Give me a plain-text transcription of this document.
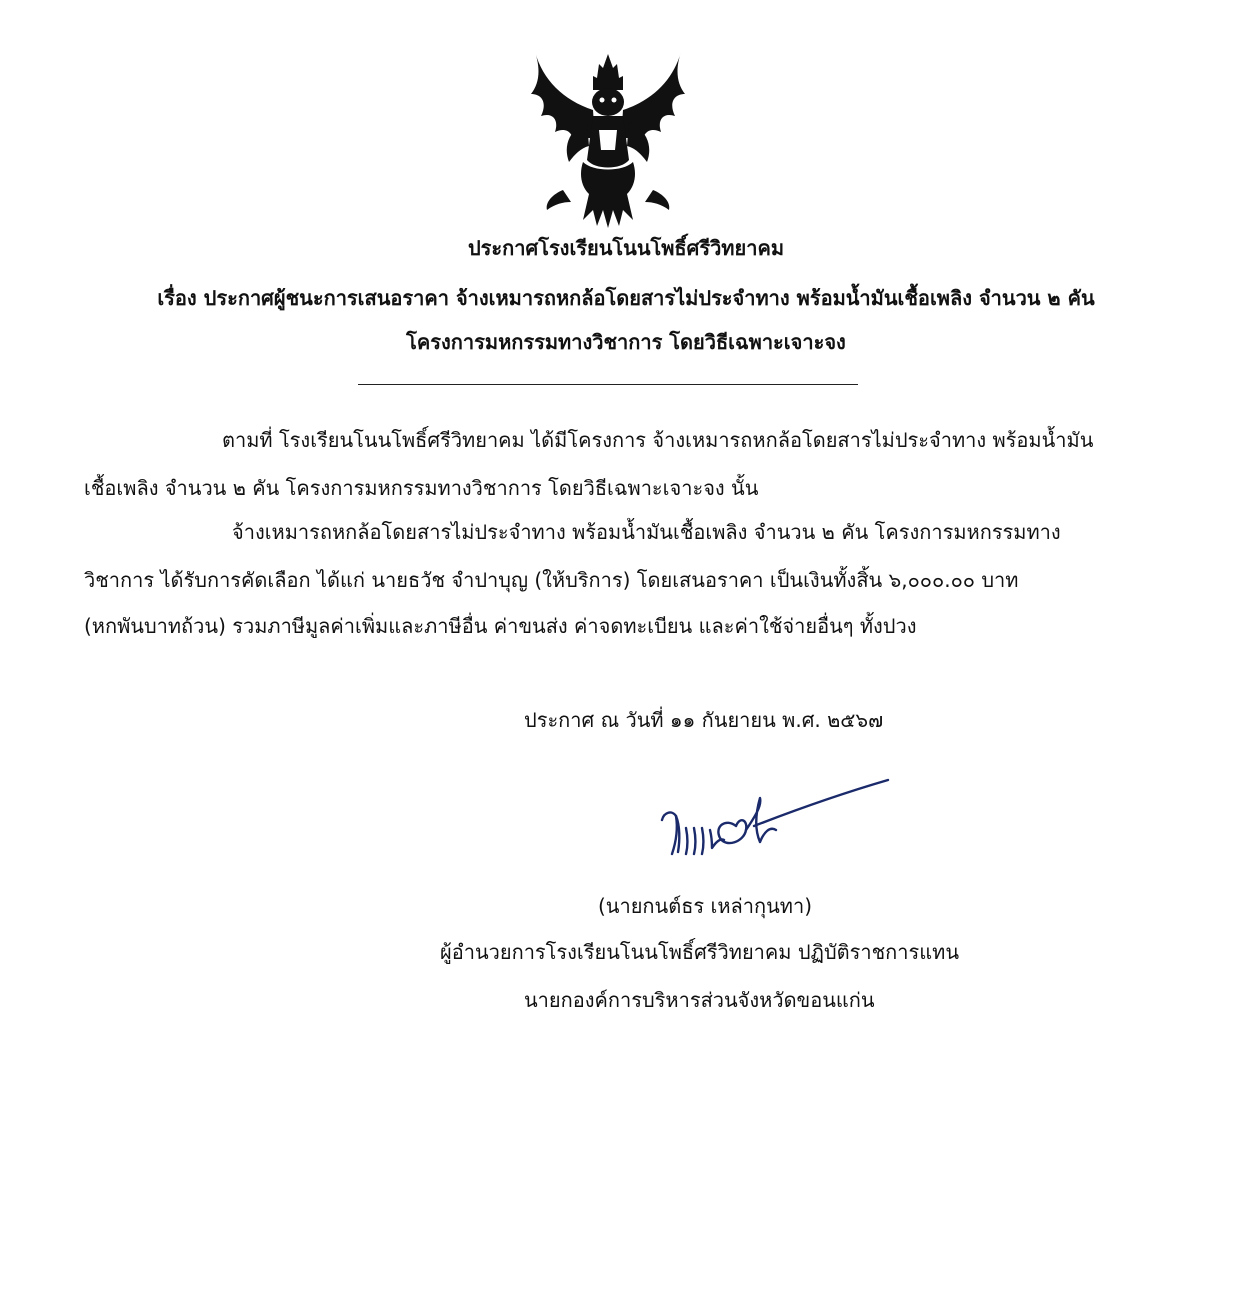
ประกาศโรงเรียนโนนโพธิ์ศรีวิทยาคม
เรื่อง ประกาศผู้ชนะการเสนอราคา จ้างเหมารถหกล้อโดยสารไม่ประจำทาง พร้อมน้ำมันเชื้อเพลิง จำนวน ๒ คัน
โครงการมหกรรมทางวิชาการ โดยวิธีเฉพาะเจาะจง
ตามที่ โรงเรียนโนนโพธิ์ศรีวิทยาคม ได้มีโครงการ จ้างเหมารถหกล้อโดยสารไม่ประจำทาง พร้อมน้ำมัน
เชื้อเพลิง จำนวน ๒ คัน โครงการมหกรรมทางวิชาการ โดยวิธีเฉพาะเจาะจง นั้น
จ้างเหมารถหกล้อโดยสารไม่ประจำทาง พร้อมน้ำมันเชื้อเพลิง จำนวน ๒ คัน โครงการมหกรรมทาง
วิชาการ ได้รับการคัดเลือก ได้แก่ นายธวัช จำปาบุญ (ให้บริการ) โดยเสนอราคา เป็นเงินทั้งสิ้น ๖,๐๐๐.๐๐ บาท
(หกพันบาทถ้วน) รวมภาษีมูลค่าเพิ่มและภาษีอื่น ค่าขนส่ง ค่าจดทะเบียน และค่าใช้จ่ายอื่นๆ ทั้งปวง
ประกาศ ณ วันที่ ๑๑ กันยายน พ.ศ. ๒๕๖๗
(นายกนต์ธร เหล่ากุนทา)
ผู้อำนวยการโรงเรียนโนนโพธิ์ศรีวิทยาคม ปฏิบัติราชการแทน
นายกองค์การบริหารส่วนจังหวัดขอนแก่น
